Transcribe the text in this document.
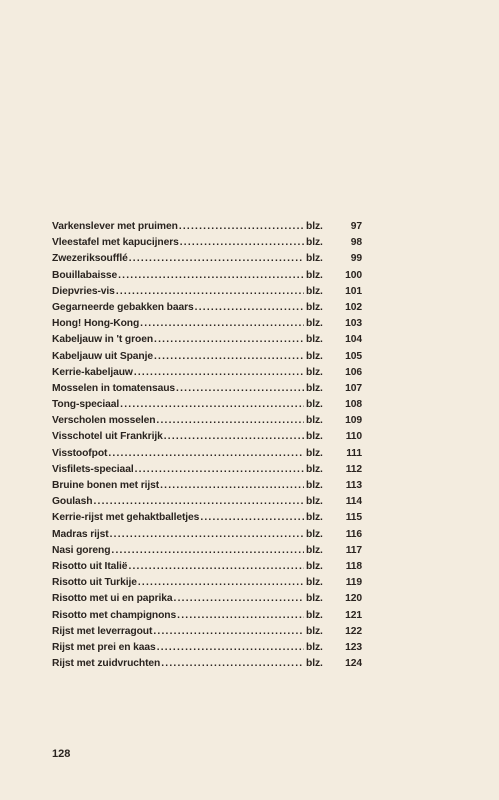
Varkenslever met pruimen .....	blz.	97
Vleestafel met kapucijners .....	blz.	98
Zwezeriksoufflé .....	blz.	99
Bouillabaisse .....	blz.	100
Diepvries-vis .....	blz.	101
Gegarneerde gebakken baars .....	blz.	102
Hong! Hong-Kong .....	blz.	103
Kabeljauw in 't groen .....	blz.	104
Kabeljauw uit Spanje .....	blz.	105
Kerrie-kabeljauw .....	blz.	106
Mosselen in tomatensaus .....	blz.	107
Tong-speciaal .....	blz.	108
Verscholen mosselen .....	blz.	109
Visschotel uit Frankrijk .....	blz.	110
Visstoofpot .....	blz.	111
Visfilets-speciaal .....	blz.	112
Bruine bonen met rijst .....	blz.	113
Goulash .....	blz.	114
Kerrie-rijst met gehaktballetjes .....	blz.	115
Madras rijst .....	blz.	116
Nasi goreng .....	blz.	117
Risotto uit Italië .....	blz.	118
Risotto uit Turkije .....	blz.	119
Risotto met ui en paprika .....	blz.	120
Risotto met champignons .....	blz.	121
Rijst met leverragout .....	blz.	122
Rijst met prei en kaas .....	blz.	123
Rijst met zuidvruchten .....	blz.	124
128
